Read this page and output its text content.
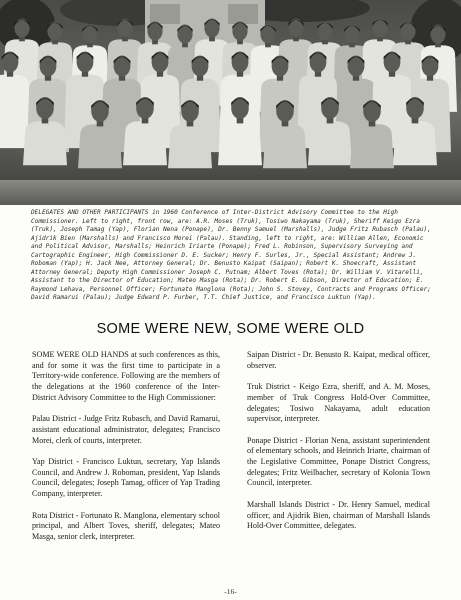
DELEGATES AND OTHER PARTICIPANTS in 1960 Conference of Inter-District Advisory Committee to the High Commissioner. Left to right, front row, are: A.R. Moses (Truk), Tosiwo Nakayama (Truk), Sheriff Keigo Ezra (Truk), Joseph Tamag (Yap), Florian Nena (Ponape), Dr. Benny Samuel (Marshalls), Judge Fritz Rubasch (Palau), Ajidrik Bien (Marshalls) and Francisco Morei (Palau). Standing, left to right, are: William Allen, Economic and Political Advisor, Marshalls; Heinrich Iriarte (Ponape); Fred L. Robinson, Supervisory Surveying and Cartographic Engineer, High Commissioner D. E. Sucker; Henry F. Surles, Jr., Special Assistant; Andrew J. Roboman (Yap); H. Jack Nee, Attorney General; Dr. Benusto Kaipat (Saipan); Robert K. Shoecraft, Assistant Attorney General; Deputy High Commissioner Joseph C. Putnam; Albert Toves (Rota); Dr. William V. Vitarelli, Assistant to the Director of Education; Mateo Masga (Rota); Dr. Robert E. Gibson, Director of Education; E. Raymond Lehava, Personnel Officer; Fortunato Manglona (Rota); John S. Stovey, Contracts and Programs Officer; David Ramarui (Palau); Judge Edward P. Furber, T.T. Chief Justice, and Francisco Luktun (Yap).

SOME WERE NEW, SOME WERE OLD

SOME WERE OLD HANDS at such conferences as this, and for some it was the first time to participate in a Territory-wide conference. Following are the members of the delegations at the 1960 conference of the Inter-District Advisory Committee to the High Commissioner:

Palau District - Judge Fritz Rubasch, and David Ramarui, assistant educational administrator, delegates; Francisco Morei, clerk of courts, interpreter.

Yap District - Francisco Luktun, secretary, Yap Islands Council, and Andrew J. Roboman, president, Yap Islands Council, delegates; Joseph Tamag, officer of Yap Trading Company, interpreter.

Rota District - Fortunato R. Manglona, elementary school principal, and Albert Toves, sheriff, delegates; Mateo Masga, senior clerk, interpreter.

Saipan District - Dr. Benusto R. Kaipat, medical officer, observer.

Truk District - Keigo Ezra, sheriff, and A. M. Moses, member of Truk Congress Hold-Over Committee, delegates; Tosiwo Nakayama, adult education supervisor, interpreter.

Ponape District - Florian Nena, assistant superintendent of elementary schools, and Heinrich Iriarte, chairman of the Legislative Committee, Ponape District Congress, delegates; Fritz Weilbacher, secretary of Kolonia Town Council, interpreter.

Marshall Islands District - Dr. Henry Samuel, medical officer, and Ajidrik Bien, chairman of Marshall Islands Hold-Over Committee, delegates.

-16-
